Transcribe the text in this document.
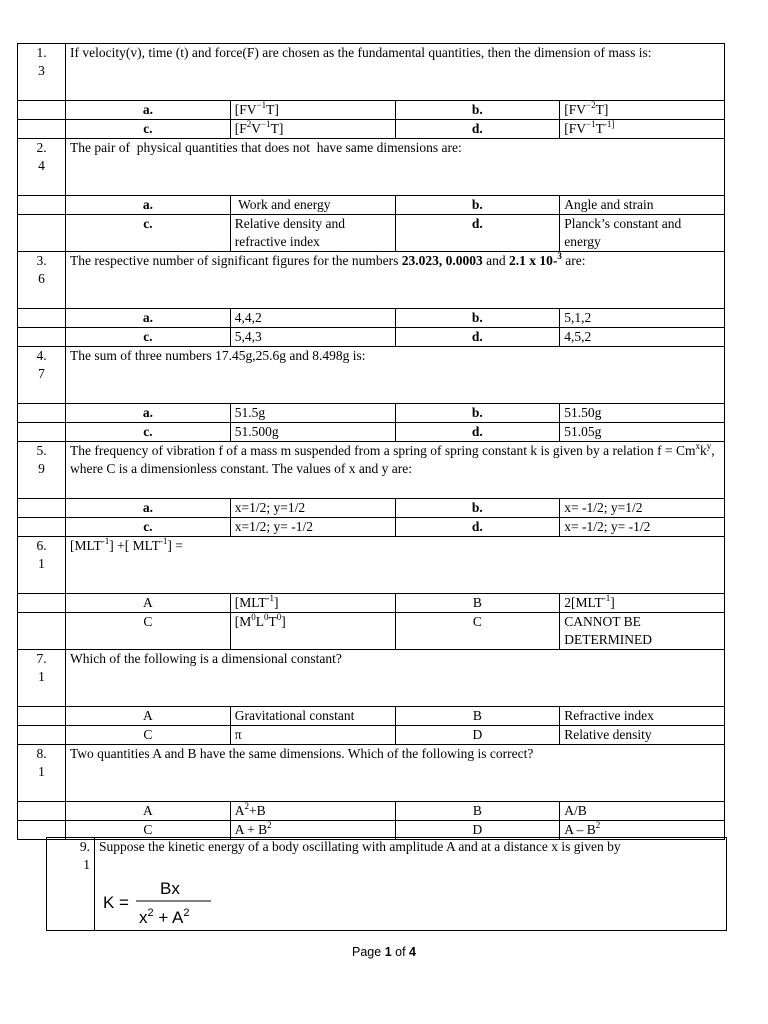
1.
3	If velocity(v), time (t) and force(F) are chosen as the fundamental quantities, then the dimension of mass is:			
	a.	$[FV^{-1}T]$	b.	$[FV^{-2}T]$
	c.	$[F^2V^{-1}T]$	d.	[$FV^{-1}T^{-1]}$

2.
4	The pair of  physical quantities that does not  have same dimensions are:			
	a.	Work and energy	b.	Angle and strain
	c.	Relative density and refractive index	d.	Planck’s constant and energy

3.
6	The respective number of significant figures for the numbers 23.023, 0.0003 and 2.1 x 10-$^3$ are:			
	a.	4,4,2	b.	5,1,2
	c.	5,4,3	d.	4,5,2

4.
7	The sum of three numbers 17.45g,25.6g and 8.498g is:			
	a.	51.5g	b.	51.50g
	c.	51.500g	d.	51.05g

5.
9	The frequency of vibration f of a mass m suspended from a spring of spring constant k is given by a relation $f = Cm^xk^y$, where C is a dimensionless constant. The values of x and y are:			
	a.	x=1/2; y=1/2	b.	x= -1/2; y=1/2
	c.	x=1/2; y= -1/2	d.	x= -1/2; y= -1/2

6.
1	$[MLT^{-1}]$ +[ $MLT^{-1}$] =			
	A	$[MLT^{-1}]$	B	$2[MLT^{-1}]$
	C	$[M^0L^0T^0]$	C	CANNOT BE DETERMINED

7.
1	Which of the following is a dimensional constant?			
	A	Gravitational constant	B	Refractive index
	C	π	D	Relative density

8.
1	Two quantities A and B have the same dimensions. Which of the following is correct?			
	A	$A^2+B$	B	A/B
	C	$A + B^2$	D	A – $B^2$
9.
1
Suppose the kinetic energy of a body oscillating with amplitude A and at a distance x is given by
K =
Bx
$x^2 + A^2$
Page 1 of 4
